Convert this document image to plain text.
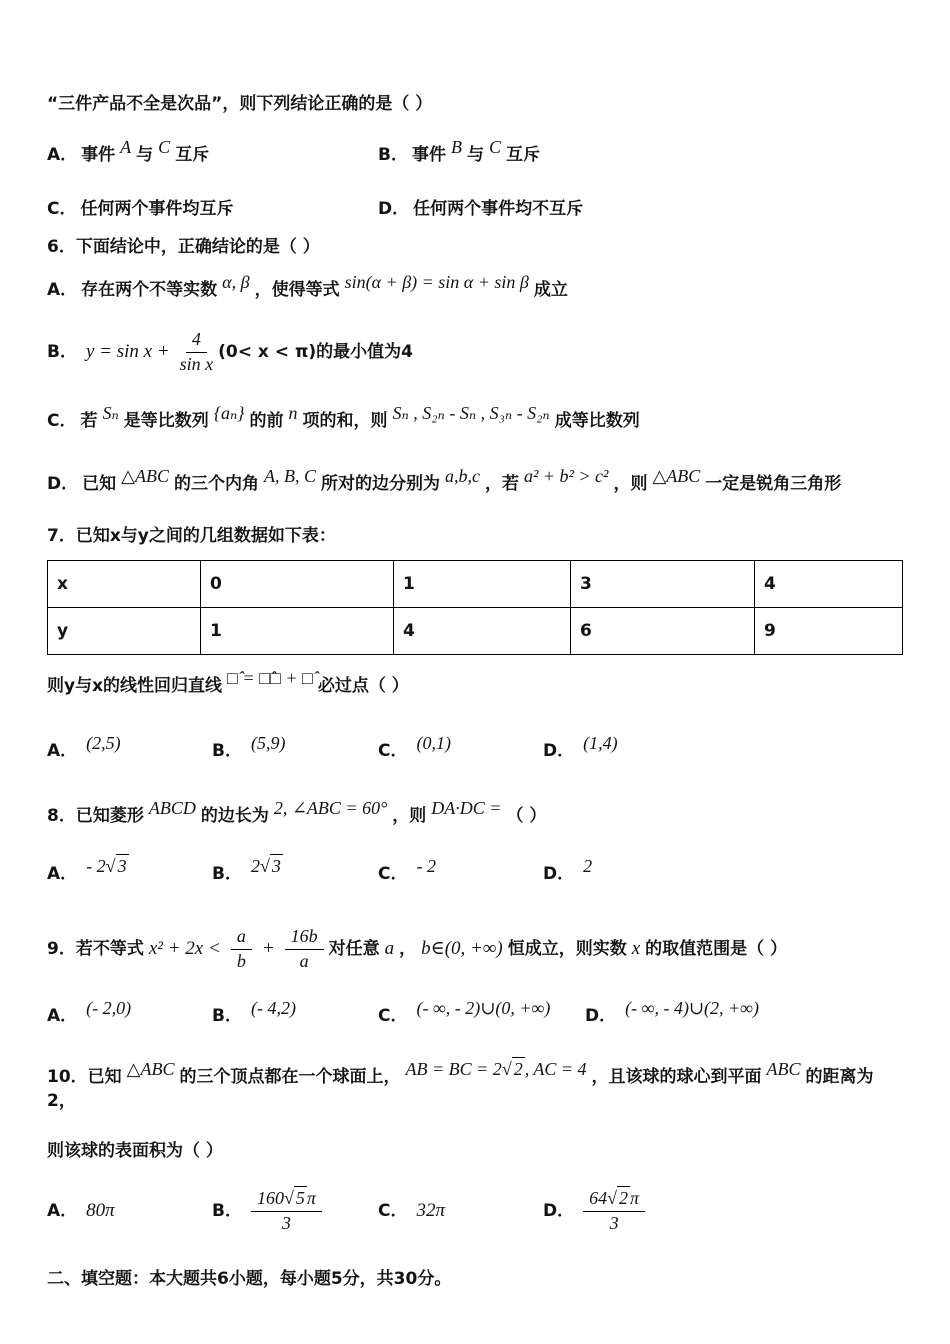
“三件产品不全是次品”，则下列结论正确的是（ ）
A． 事件 A 与 C 互斥	B． 事件 B 与 C 互斥
C． 任何两个事件均互斥	D． 任何两个事件均不互斥
6．下面结论中，正确结论的是（ ）
A． 存在两个不等实数 α, β ，使得等式 sin(α + β) = sin α + sin β 成立
B． $y = \sin x + \frac{4}{\text{sin x}} (0< x < \pi)$的最小值为4
C． 若 Sₙ 是等比数列 {aₙ} 的前 n 项的和，则 Sₙ , S₂ₙ - Sₙ , S₃ₙ - S₂ₙ 成等比数列
D． 已知 △ABC 的三个内角 A, B, C 所对的边分别为 a,b,c ，若 a² + b² > c² ，则 △ABC 一定是锐角三角形
7．已知x与y之间的几组数据如下表：
x	0	1	3	4
y	1	4	6	9
则y与x的线性回归直线 □̂ = □̂□ + □̂ 必过点（ ）
A． (2,5)	B． (5,9)	C． (0,1)	D． (1,4)
8．已知菱形 ABCD 的边长为 2, ∠ABC = 60° ，则 DA·DC = （ ）
A． - 2√ 3	B． 2√ 3	C． - 2	D． 2
9．若不等式 $x^2 + 2x < \frac{a}{b} + \frac{16b}{a}$ 对任意 a ， b∈(0, +∞) 恒成立，则实数 x 的取值范围是（ ）
A． (- 2,0)	B． (- 4,2)	C． (- ∞, - 2)∪(0, +∞)	D． (- ∞, - 4)∪(2, +∞)
10．已知 △ABC 的三个顶点都在一个球面上， AB = BC = 2√ 2 , AC = 4 ，且该球的球心到平面 ABC 的距离为2，
则该球的表面积为（ ）
A． 80π	B． $\frac{160√ 5 \pi}{3}$	C． 32π	D． $\frac{64√ 2 \pi}{3}$
二、填空题：本大题共6小题，每小题5分，共30分。
